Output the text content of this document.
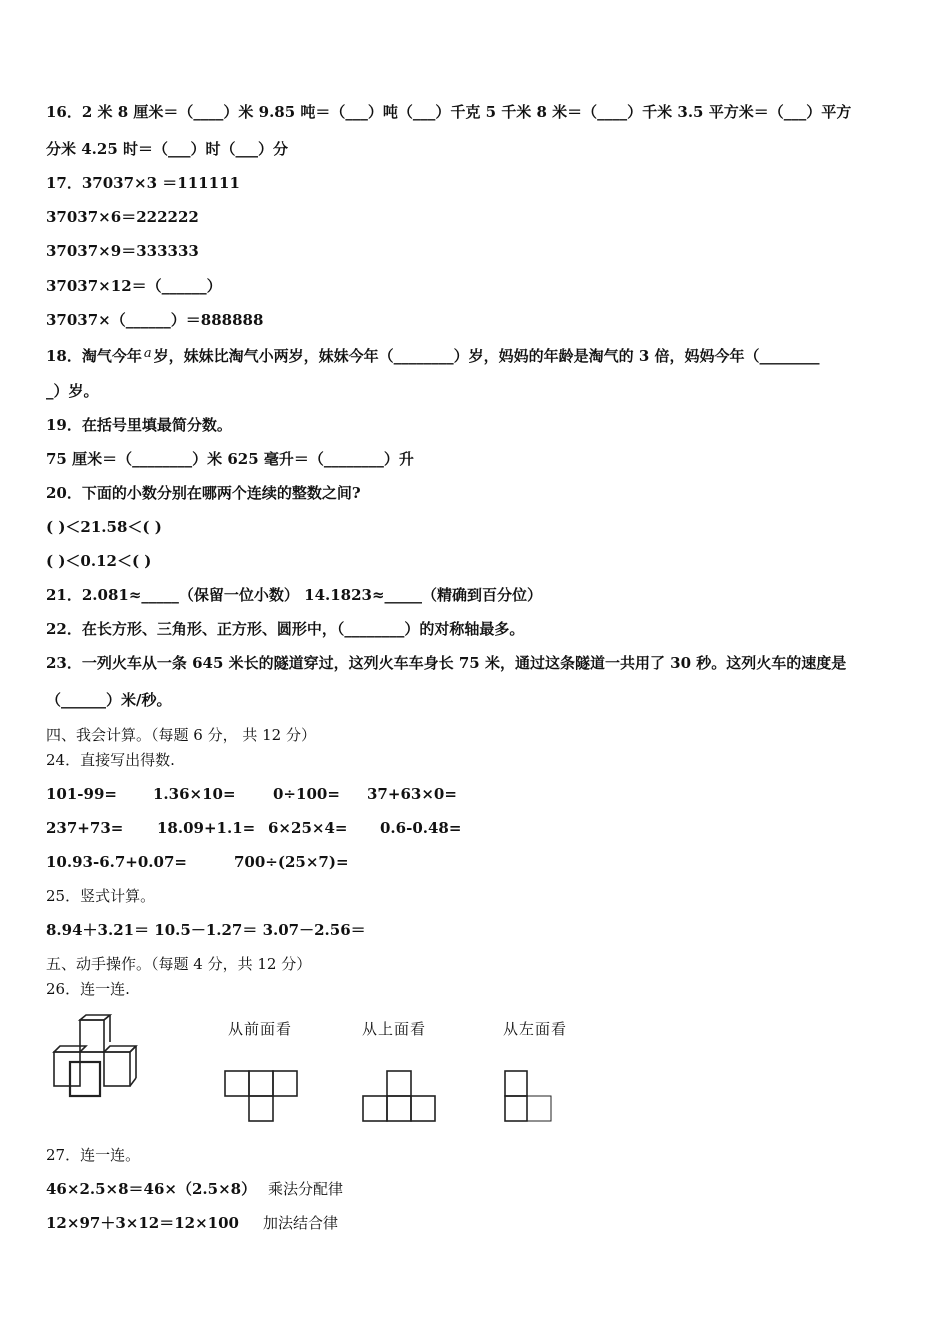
16．2 米 8 厘米＝（____）米 9.85 吨＝（___）吨（___）千克 5 千米 8 米＝（____）千米 3.5 平方米＝（___）平方
分米 4.25 时＝（___）时（___）分
17．37037×3 ＝111111
37037×6＝222222
37037×9＝333333
37037×12＝（______）
37037×（______）＝888888
18．淘气今年 a 岁，妹妹比淘气小两岁，妹妹今年（________）岁，妈妈的年龄是淘气的 3 倍，妈妈今年（________
_）岁。
19．在括号里填最简分数。
75 厘米＝（________）米 625 毫升＝（________）升
20．下面的小数分别在哪两个连续的整数之间?
( )＜21.58＜( )
( )＜0.12＜( )
21．2.081≈_____（保留一位小数） 14.1823≈_____（精确到百分位）
22．在长方形、三角形、正方形、圆形中，（________）的对称轴最多。
23．一列火车从一条 645 米长的隧道穿过，这列火车车身长 75 米，通过这条隧道一共用了 30 秒。这列火车的速度是
（______）米/秒。
四、我会计算。（每题 6 分， 共 12 分）
24．直接写出得数.
101-99= 1.36×10= 0÷100= 37+63×0=
237+73= 18.09+1.1= 6×25×4= 0.6-0.48=
10.93-6.7+0.07=	700÷(25×7)=
25．竖式计算。
8.94＋3.21＝ 10.5－1.27＝ 3.07－2.56＝
五、动手操作。（每题 4 分，共 12 分）
26．连一连.
从前面看	从上面看	从左面看
27．连一连。
46×2.5×8＝46×（2.5×8） 乘法分配律
12×97＋3×12＝12×100 加法结合律
